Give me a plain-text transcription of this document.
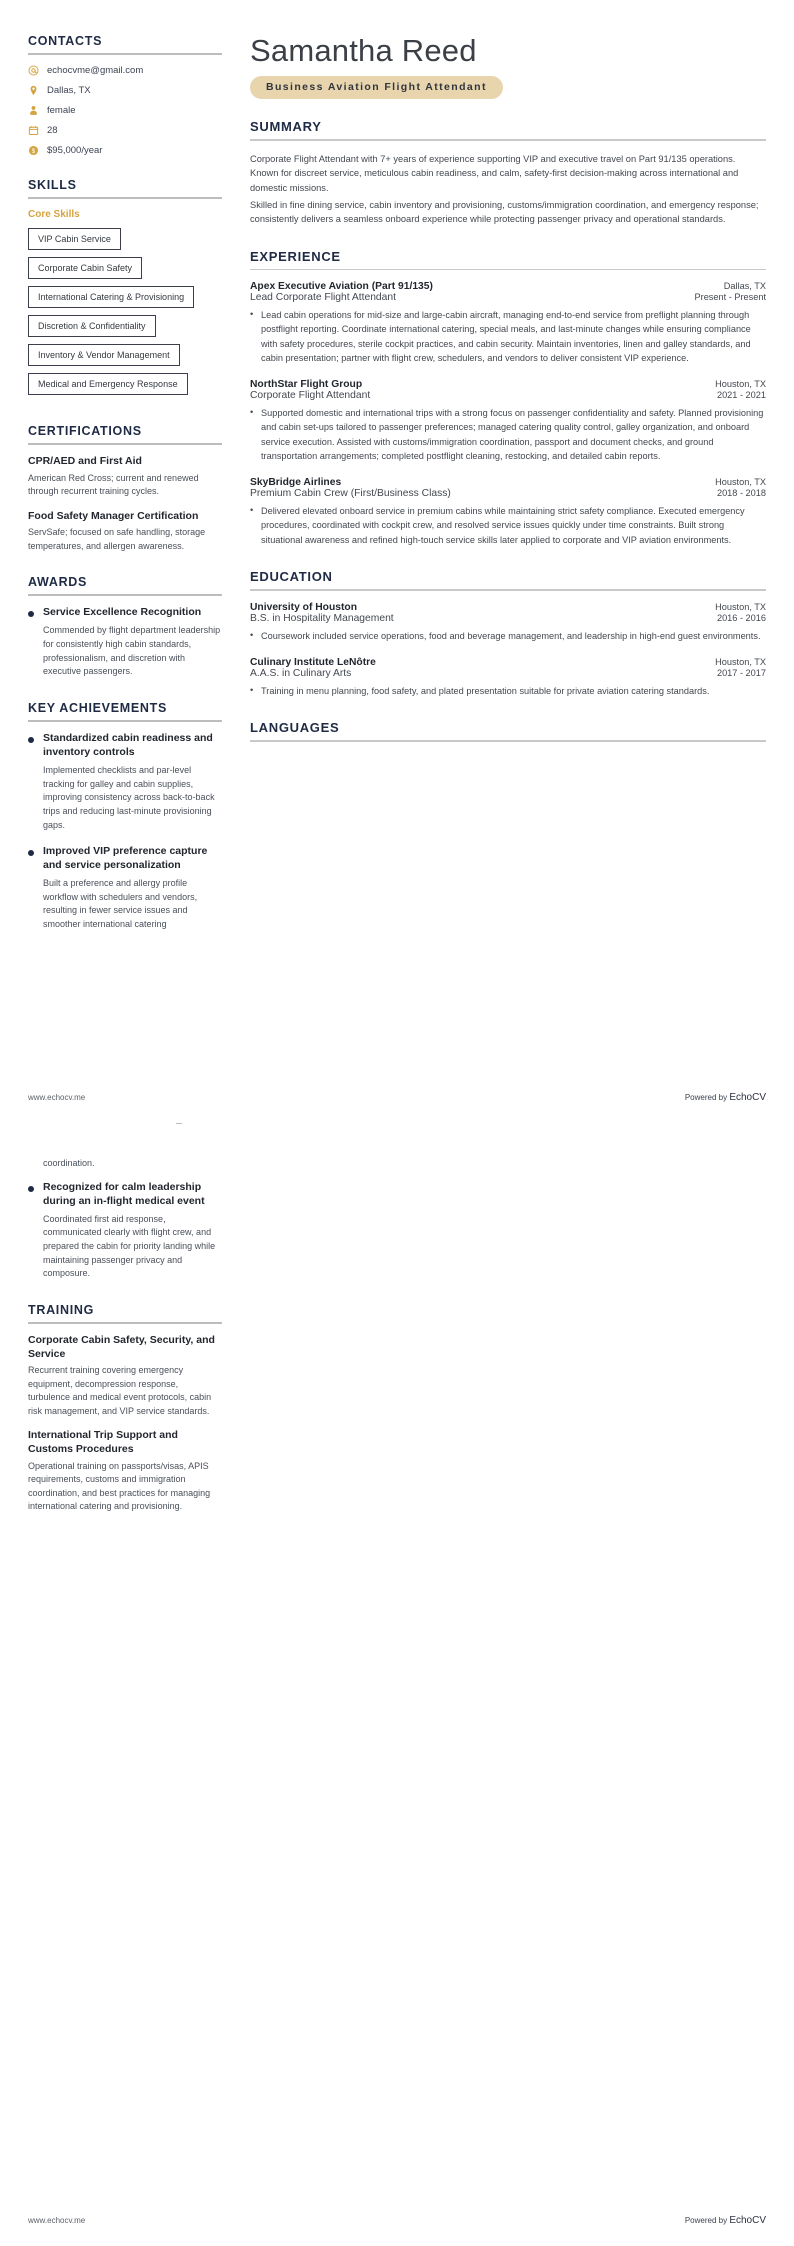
CONTACTS
echocvme@gmail.com
Dallas, TX
female
28
$ $95,000/year
SKILLS
Core Skills
VIP Cabin Service
Corporate Cabin Safety
International Catering & Provisioning
Discretion & Confidentiality
Inventory & Vendor Management
Medical and Emergency Response
CERTIFICATIONS
CPR/AED and First Aid
American Red Cross; current and renewed through recurrent training cycles.
Food Safety Manager Certification
ServSafe; focused on safe handling, storage temperatures, and allergen awareness.
AWARDS
Service Excellence Recognition
Commended by flight department leadership for consistently high cabin standards, professionalism, and discretion with executive passengers.
KEY ACHIEVEMENTS
Standardized cabin readiness and inventory controls
Implemented checklists and par-level tracking for galley and cabin supplies, improving consistency across back-to-back trips and reducing last-minute provisioning gaps.
Improved VIP preference capture and service personalization
Built a preference and allergy profile workflow with schedulers and vendors, resulting in fewer service issues and smoother international catering
Samantha Reed
Business Aviation Flight Attendant
SUMMARY

Corporate Flight Attendant with 7+ years of experience supporting VIP and executive travel on Part 91/135 operations. Known for discreet service, meticulous cabin readiness, and calm, safety-first decision-making across international and domestic missions.

Skilled in fine dining service, cabin inventory and provisioning, customs/immigration coordination, and emergency response; consistently delivers a seamless onboard experience while protecting passenger privacy and operational standards.

EXPERIENCE
Apex Executive Aviation (Part 91/135)	Dallas, TX
Lead Corporate Flight Attendant	Present - Present
• Lead cabin operations for mid-size and large-cabin aircraft, managing end-to-end service from preflight planning through postflight reporting. Coordinate international catering, special meals, and last-minute changes while ensuring compliance with safety procedures, sterile cockpit practices, and cabin security. Maintain inventories, linen and galley standards, and cabin presentation; partner with flight crew, schedulers, and vendors to deliver consistent VIP experience.
NorthStar Flight Group	Houston, TX
Corporate Flight Attendant	2021 - 2021
• Supported domestic and international trips with a strong focus on passenger confidentiality and safety. Planned provisioning and cabin set-ups tailored to passenger preferences; managed catering quality control, galley organization, and onboard service execution. Assisted with customs/immigration coordination, passport and document checks, and ground transportation arrangements; completed postflight cleaning, restocking, and detailed cabin reports.
SkyBridge Airlines	Houston, TX
Premium Cabin Crew (First/Business Class)	2018 - 2018
• Delivered elevated onboard service in premium cabins while maintaining strict safety compliance. Executed emergency procedures, coordinated with cockpit crew, and resolved service issues quickly under time constraints. Built strong situational awareness and refined high-touch service skills later applied to corporate and VIP aviation environments.
EDUCATION
University of Houston	Houston, TX
B.S. in Hospitality Management	2016 - 2016
• Coursework included service operations, food and beverage management, and leadership in high-end guest environments.
Culinary Institute LeNôtre	Houston, TX
A.A.S. in Culinary Arts	2017 - 2017
• Training in menu planning, food safety, and plated presentation suitable for private aviation catering standards.
LANGUAGES
www.echocv.me	Powered by EchoCV
coordination.
Recognized for calm leadership during an in-flight medical event
Coordinated first aid response, communicated clearly with flight crew, and prepared the cabin for priority landing while maintaining passenger privacy and composure.
TRAINING
Corporate Cabin Safety, Security, and Service
Recurrent training covering emergency equipment, decompression response, turbulence and medical event protocols, cabin risk management, and VIP service standards.
International Trip Support and Customs Procedures
Operational training on passports/visas, APIS requirements, customs and immigration coordination, and best practices for managing international catering and provisioning.
www.echocv.me	Powered by EchoCV
